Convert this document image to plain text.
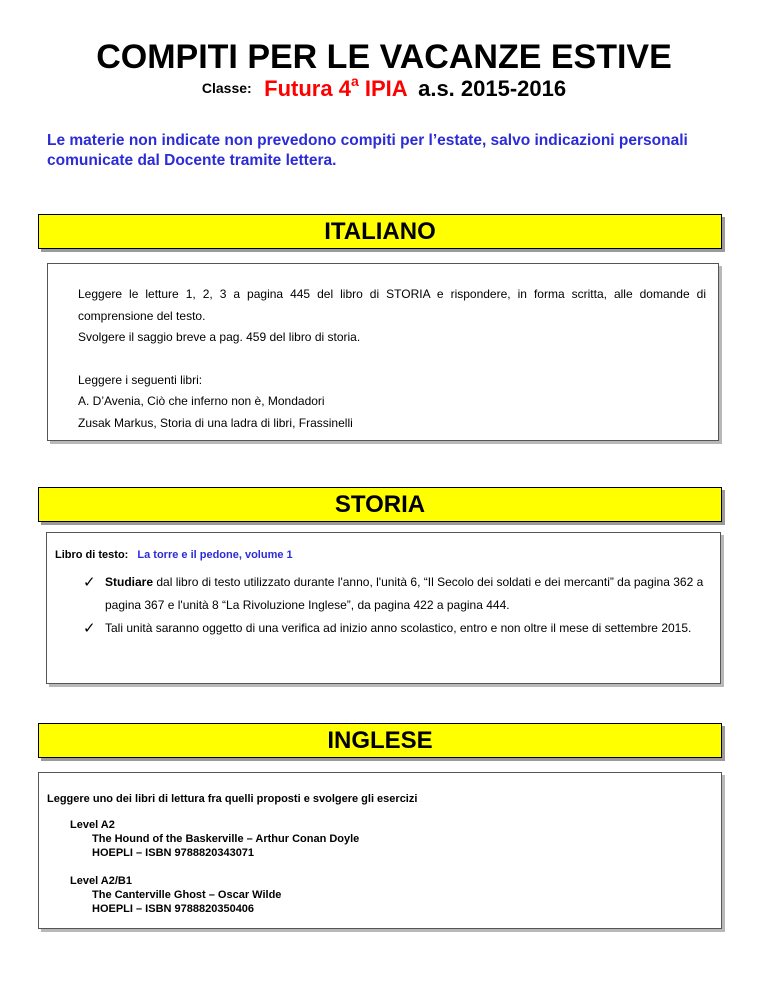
COMPITI PER LE VACANZE ESTIVE
Classe: Futura 4$^a$ IPIA a.s. 2015-2016
Le materie non indicate non prevedono compiti per l’estate, salvo indicazioni personali comunicate dal Docente tramite lettera.
ITALIANO

Leggere le letture 1, 2, 3 a pagina 445 del libro di STORIA e rispondere, in forma scritta, alle domande di comprensione del testo.

Svolgere il saggio breve a pag. 459 del libro di storia.

Leggere i seguenti libri:

A. D’Avenia, Ciò che inferno non è, Mondadori

Zusak Markus, Storia di una ladra di libri, Frassinelli

STORIA
Libro di testo: La torre e il pedone, volume 1
✓ Studiare dal libro di testo utilizzato durante l'anno, l'unità 6, “Il Secolo dei soldati e dei mercanti” da pagina 362 a pagina 367 e l'unità 8 “La Rivoluzione Inglese”, da pagina 422 a pagina 444.
✓ Tali unità saranno oggetto di una verifica ad inizio anno scolastico, entro e non oltre il mese di settembre 2015.
INGLESE

Leggere uno dei libri di lettura fra quelli proposti e svolgere gli esercizi

Level A2

The Hound of the Baskerville – Arthur Conan Doyle

HOEPLI – ISBN 9788820343071

Level A2/B1

The Canterville Ghost – Oscar Wilde

HOEPLI – ISBN 9788820350406
